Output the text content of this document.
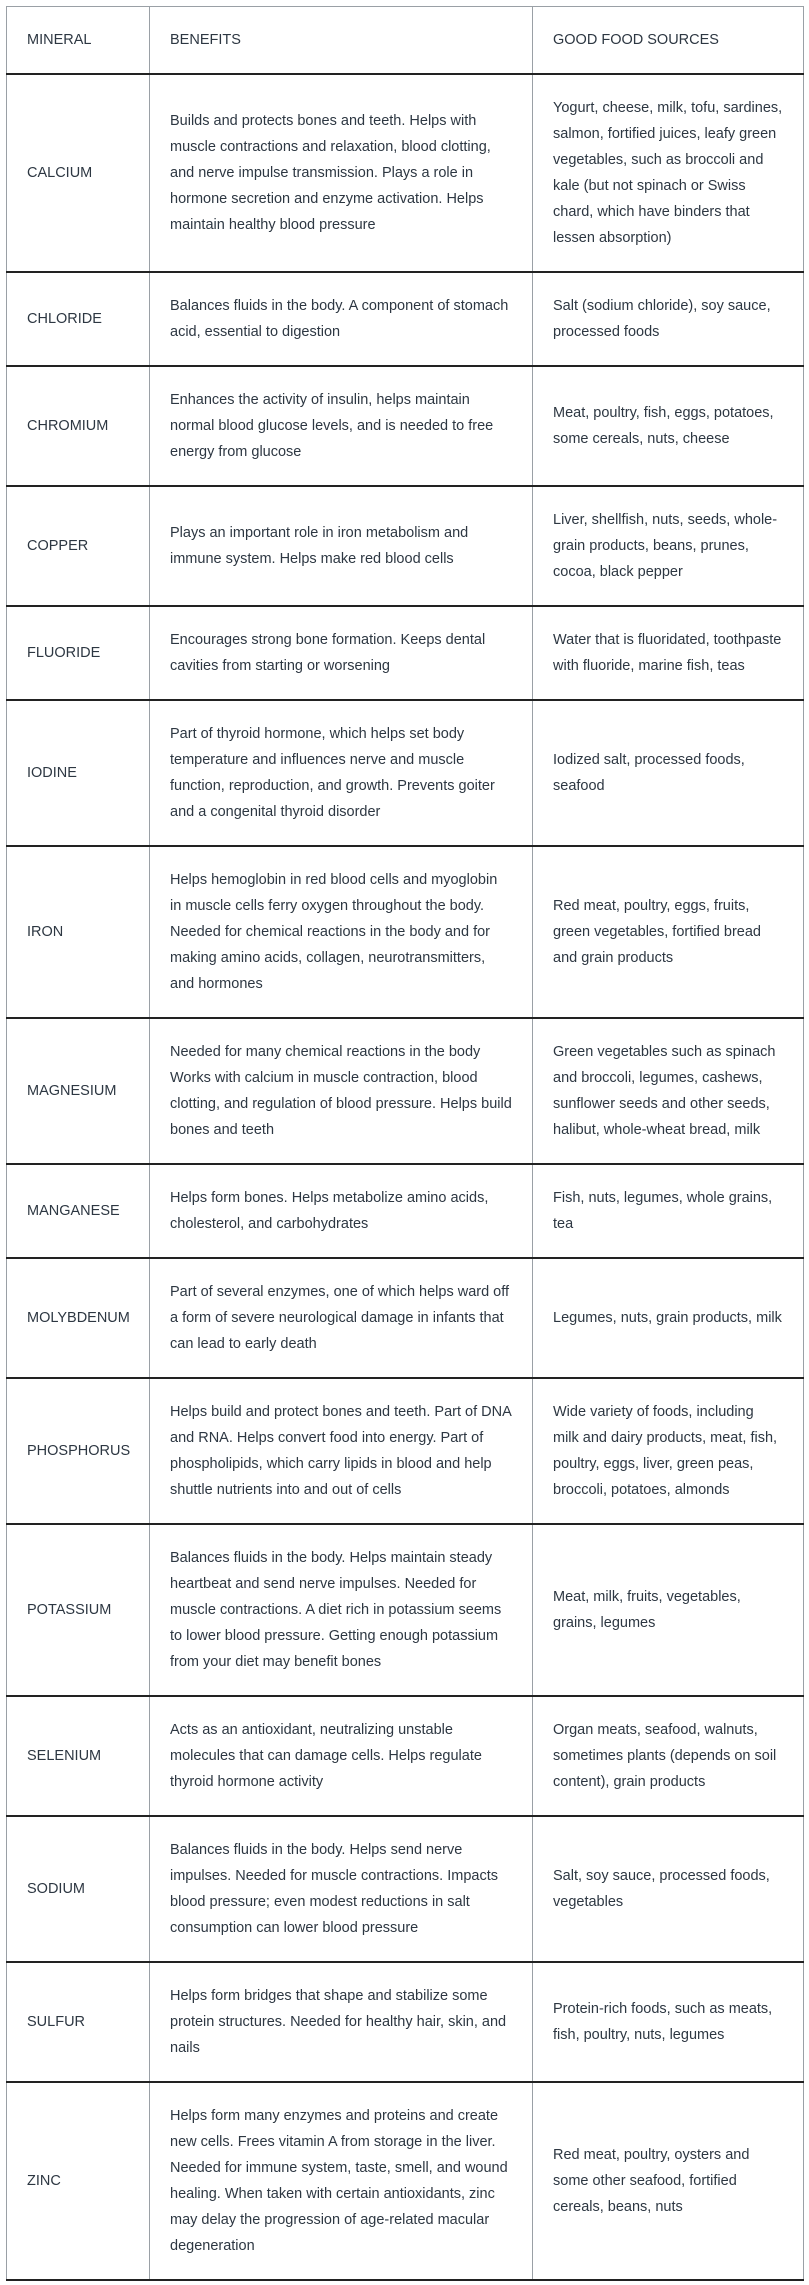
MINERAL	BENEFITS	GOOD FOOD SOURCES
CALCIUM	Builds and protects bones and teeth. Helps with muscle contractions and relaxation, blood clotting, and nerve impulse transmission. Plays a role in hormone secretion and enzyme activation. Helps maintain healthy blood pressure	Yogurt, cheese, milk, tofu, sardines, salmon, fortified juices, leafy green vegetables, such as broccoli and kale (but not spinach or Swiss chard, which have binders that lessen absorption)
CHLORIDE	Balances fluids in the body. A component of stomach acid, essential to digestion	Salt (sodium chloride), soy sauce, processed foods
CHROMIUM	Enhances the activity of insulin, helps maintain normal blood glucose levels, and is needed to free energy from glucose	Meat, poultry, fish, eggs, potatoes, some cereals, nuts, cheese
COPPER	Plays an important role in iron metabolism and immune system. Helps make red blood cells	Liver, shellfish, nuts, seeds, whole-grain products, beans, prunes, cocoa, black pepper
FLUORIDE	Encourages strong bone formation. Keeps dental cavities from starting or worsening	Water that is fluoridated, toothpaste with fluoride, marine fish, teas
IODINE	Part of thyroid hormone, which helps set body temperature and influences nerve and muscle function, reproduction, and growth. Prevents goiter and a congenital thyroid disorder	Iodized salt, processed foods, seafood
IRON	Helps hemoglobin in red blood cells and myoglobin in muscle cells ferry oxygen throughout the body. Needed for chemical reactions in the body and for making amino acids, collagen, neurotransmitters, and hormones	Red meat, poultry, eggs, fruits, green vegetables, fortified bread and grain products
MAGNESIUM	Needed for many chemical reactions in the body Works with calcium in muscle contraction, blood clotting, and regulation of blood pressure. Helps build bones and teeth	Green vegetables such as spinach and broccoli, legumes, cashews, sunflower seeds and other seeds, halibut, whole-wheat bread, milk
MANGANESE	Helps form bones. Helps metabolize amino acids, cholesterol, and carbohydrates	Fish, nuts, legumes, whole grains, tea
MOLYBDENUM	Part of several enzymes, one of which helps ward off a form of severe neurological damage in infants that can lead to early death	Legumes, nuts, grain products, milk
PHOSPHORUS	Helps build and protect bones and teeth. Part of DNA and RNA. Helps convert food into energy. Part of phospholipids, which carry lipids in blood and help shuttle nutrients into and out of cells	Wide variety of foods, including milk and dairy products, meat, fish, poultry, eggs, liver, green peas, broccoli, potatoes, almonds
POTASSIUM	Balances fluids in the body. Helps maintain steady heartbeat and send nerve impulses. Needed for muscle contractions. A diet rich in potassium seems to lower blood pressure. Getting enough potassium from your diet may benefit bones	Meat, milk, fruits, vegetables, grains, legumes
SELENIUM	Acts as an antioxidant, neutralizing unstable molecules that can damage cells. Helps regulate thyroid hormone activity	Organ meats, seafood, walnuts, sometimes plants (depends on soil content), grain products
SODIUM	Balances fluids in the body. Helps send nerve impulses. Needed for muscle contractions. Impacts blood pressure; even modest reductions in salt consumption can lower blood pressure	Salt, soy sauce, processed foods, vegetables
SULFUR	Helps form bridges that shape and stabilize some protein structures. Needed for healthy hair, skin, and nails	Protein-rich foods, such as meats, fish, poultry, nuts, legumes
ZINC	Helps form many enzymes and proteins and create new cells. Frees vitamin A from storage in the liver. Needed for immune system, taste, smell, and wound healing. When taken with certain antioxidants, zinc may delay the progression of age-related macular degeneration	Red meat, poultry, oysters and some other seafood, fortified cereals, beans, nuts
